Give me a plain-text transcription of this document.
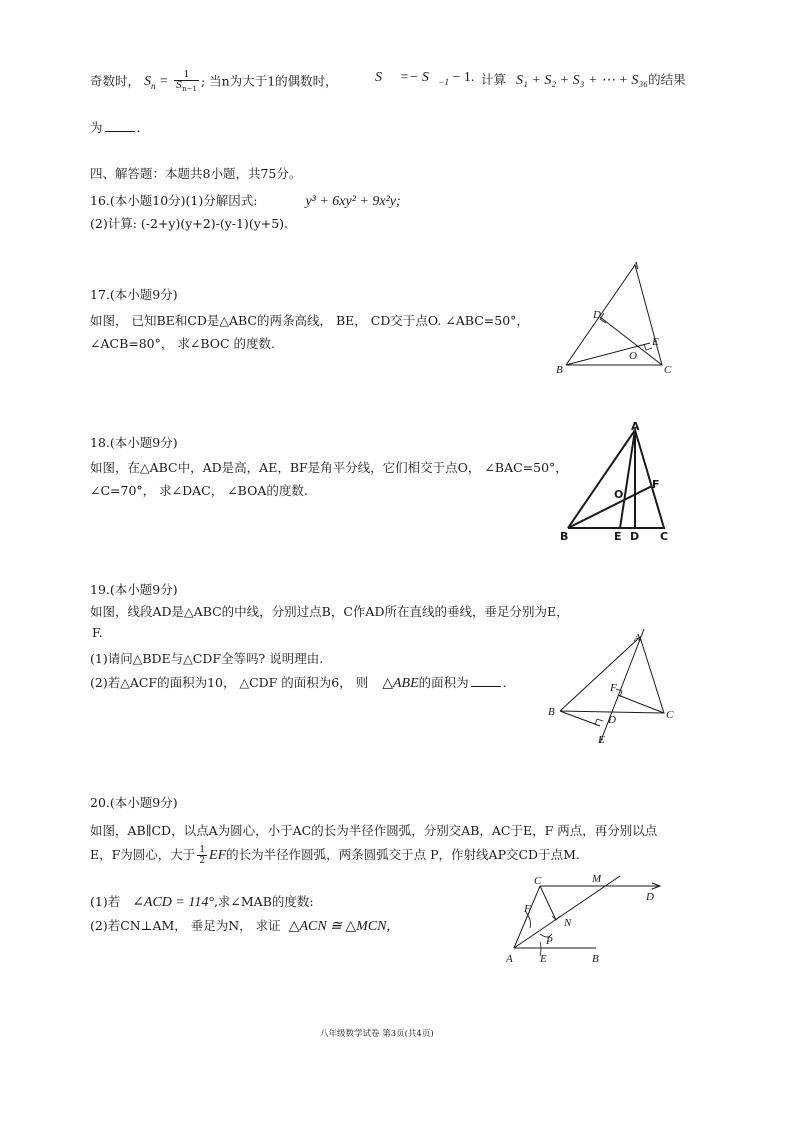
奇数时， $S_n = \frac{1}{S_{n-1}}$ ; 当n为大于1的偶数时，	S =− S $_{-1}$ − 1. 计算 S₁ + S₂ + S₃ + ⋯ + S₃₆的结果
为	.
四、解答题：本题共8小题，共75分。
16.(本小题10分)(1)分解因式:	y³ + 6xy² + 9x²y;
(2)计算: (-2+y)(y+2)-(y-1)(y+5).
17.(本小题9分)
如图， 已知BE和CD是△ABC的两条高线， BE， CD交于点O. ∠ABC=50°，
∠ACB=80°， 求∠BOC 的度数.
A
B	C
D
E
O
18.(本小题9分)
如图，在△ABC中，AD是高，AE，BF是角平分线，它们相交于点O， ∠BAC=50°，
∠C=70°， 求∠DAC， ∠BOA的度数.
A
B	C
D
E
F
O
19.(本小题9分)
如图，线段AD是△ABC的中线，分别过点B，C作AD所在直线的垂线，垂足分别为E，
F.
(1)请问△BDE与△CDF全等吗? 说明理由.
(2)若△ACF的面积为10， △CDF 的面积为6， 则 △ABE的面积为	.
A
B	C
D
E
F
20.(本小题9分)
如图，AB∥CD，以点A为圆心，小于AC的长为半径作圆弧，分别交AB，AC于E，F 两点，再分别以点
E，F为圆心，大于 $\frac{1}{2}$ EF的长为半径作圆弧，两条圆弧交于点 P，作射线AP交CD于点M.
(1)若 ∠ACD = 114°,求∠MAB的度数:
(2)若CN⊥AM， 垂足为N， 求证 △ACN ≅ △MCN,
C	M
D
A E	B
F
N
P
八年级数学试卷 第3页(共4页)
